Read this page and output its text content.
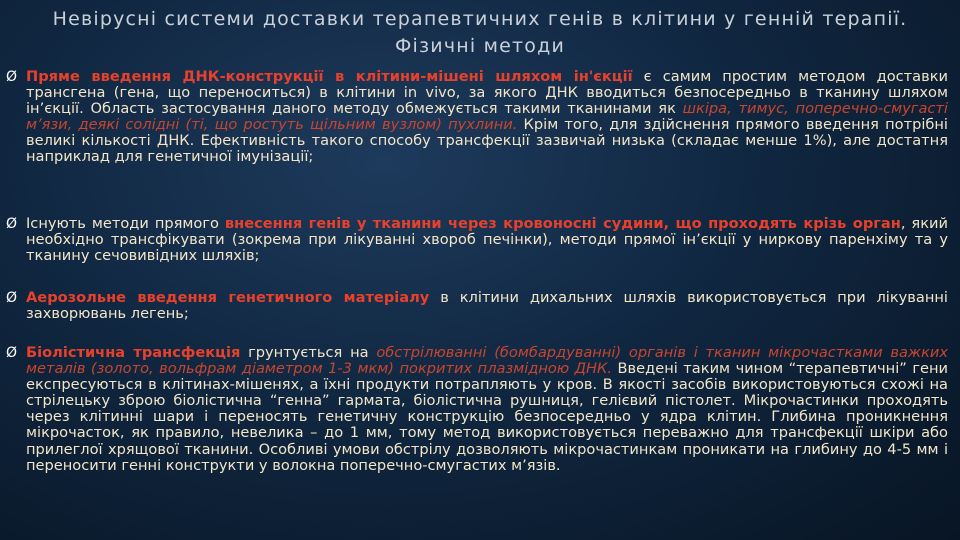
Невірусні системи доставки терапевтичних генів в клітини у генній терапії. Фізичні методи
Ø Пряме введення ДНК-конструкції в клітини-мішені шляхом ін'єкції є самим простим методом доставки трансгена (гена, що переноситься) в клітини in vivo, за якого ДНК вводиться безпосередньо в тканину шляхом ін’єкції. Область застосування даного методу обмежується такими тканинами як шкіра, тимус, поперечно-смугасті м’язи, деякі солідні (ті, що ростуть щільним вузлом) пухлини. Крім того, для здійснення прямого введення потрібні великі кількості ДНК. Ефективність такого способу трансфекції зазвичай низька (складає менше 1%), але достатня наприклад для генетичної імунізації;
Ø Існують методи прямого внесення генів у тканини через кровоносні судини, що проходять крізь орган, який необхідно трансфікувати (зокрема при лікуванні хвороб печінки), методи прямої ін’єкції у ниркову паренхіму та у тканину сечовивідних шляхів;
Ø Аерозольне введення генетичного матеріалу в клітини дихальних шляхів використовується при лікуванні захворювань легень;
Ø Біолістична трансфекція грунтується на обстрілюванні (бомбардуванні) органів і тканин мікрочастками важких металів (золото, вольфрам діаметром 1-3 мкм) покритих плазмідною ДНК. Введені таким чином “терапевтичні” гени експресуються в клітинах-мішенях, а їхні продукти потрапляють у кров. В якості засобів використовуються схожі на стрілецьку зброю біолістична “генна” гармата, біолістична рушниця, гелієвий пістолет. Мікрочастинки проходять через клітинні шари і переносять генетичну конструкцію безпосередньо у ядра клітин. Глибина проникнення мікрочасток, як правило, невелика – до 1 мм, тому метод використовується переважно для трансфекції шкіри або прилеглої хрящової тканини. Особливі умови обстрілу дозволяють мікрочастинкам проникати на глибину до 4-5 мм і переносити генні конструкти у волокна поперечно-смугастих м’язів.
